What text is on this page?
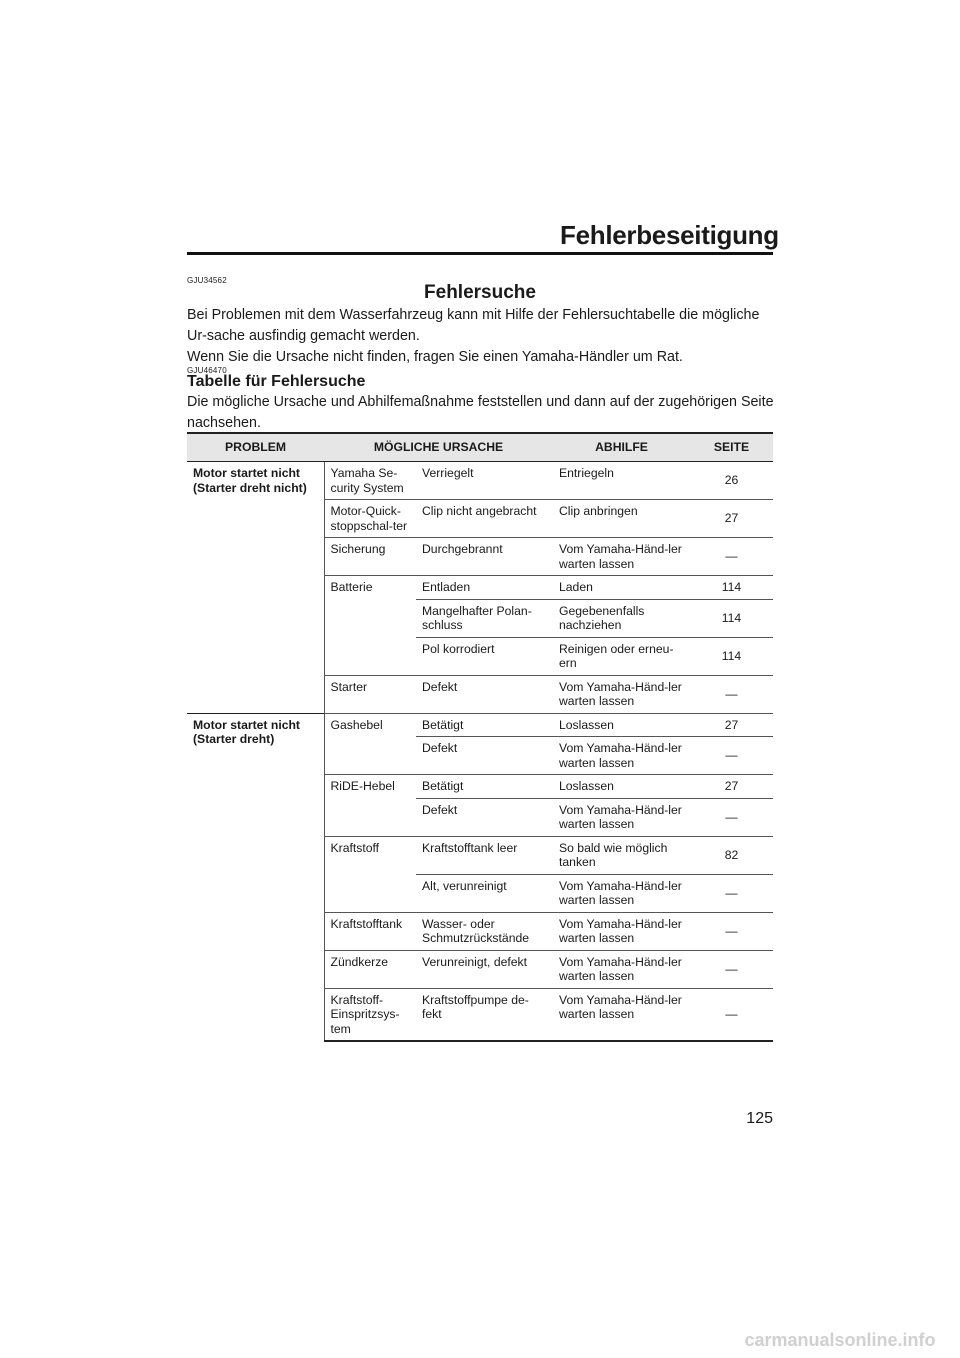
Fehlerbeseitigung
GJU34562
Fehlersuche
Bei Problemen mit dem Wasserfahrzeug kann mit Hilfe der Fehlersuchtabelle die mögliche Ur-sache ausfindig gemacht werden.
Wenn Sie die Ursache nicht finden, fragen Sie einen Yamaha-Händler um Rat.
GJU46470
Tabelle für Fehlersuche
Die mögliche Ursache und Abhilfemaßnahme feststellen und dann auf der zugehörigen Seite nachsehen.
PROBLEM	MÖGLICHE URSACHE		ABHILFE	SEITE
Motor startet nicht (Starter dreht nicht)	Yamaha Se-curity System	Verriegelt	Entriegeln	26
	Motor-Quick-stoppschal-ter	Clip nicht angebracht	Clip anbringen	27
	Sicherung	Durchgebrannt	Vom Yamaha-Händ-ler warten lassen	—
	Batterie	Entladen	Laden	114
		Mangelhafter Polan-schluss	Gegebenenfalls nachziehen	114
		Pol korrodiert	Reinigen oder erneu-ern	114
	Starter	Defekt	Vom Yamaha-Händ-ler warten lassen	—
Motor startet nicht (Starter dreht)	Gashebel	Betätigt	Loslassen	27
		Defekt	Vom Yamaha-Händ-ler warten lassen	—
	RiDE-Hebel	Betätigt	Loslassen	27
		Defekt	Vom Yamaha-Händ-ler warten lassen	—
	Kraftstoff	Kraftstofftank leer	So bald wie möglich tanken	82
		Alt, verunreinigt	Vom Yamaha-Händ-ler warten lassen	—
	Kraftstofftank	Wasser- oder Schmutzrückstände	Vom Yamaha-Händ-ler warten lassen	—
	Zündkerze	Verunreinigt, defekt	Vom Yamaha-Händ-ler warten lassen	—
	Kraftstoff-Einspritzsys-tem	Kraftstoffpumpe de-fekt	Vom Yamaha-Händ-ler warten lassen	—
125
carmanualsonline.info
